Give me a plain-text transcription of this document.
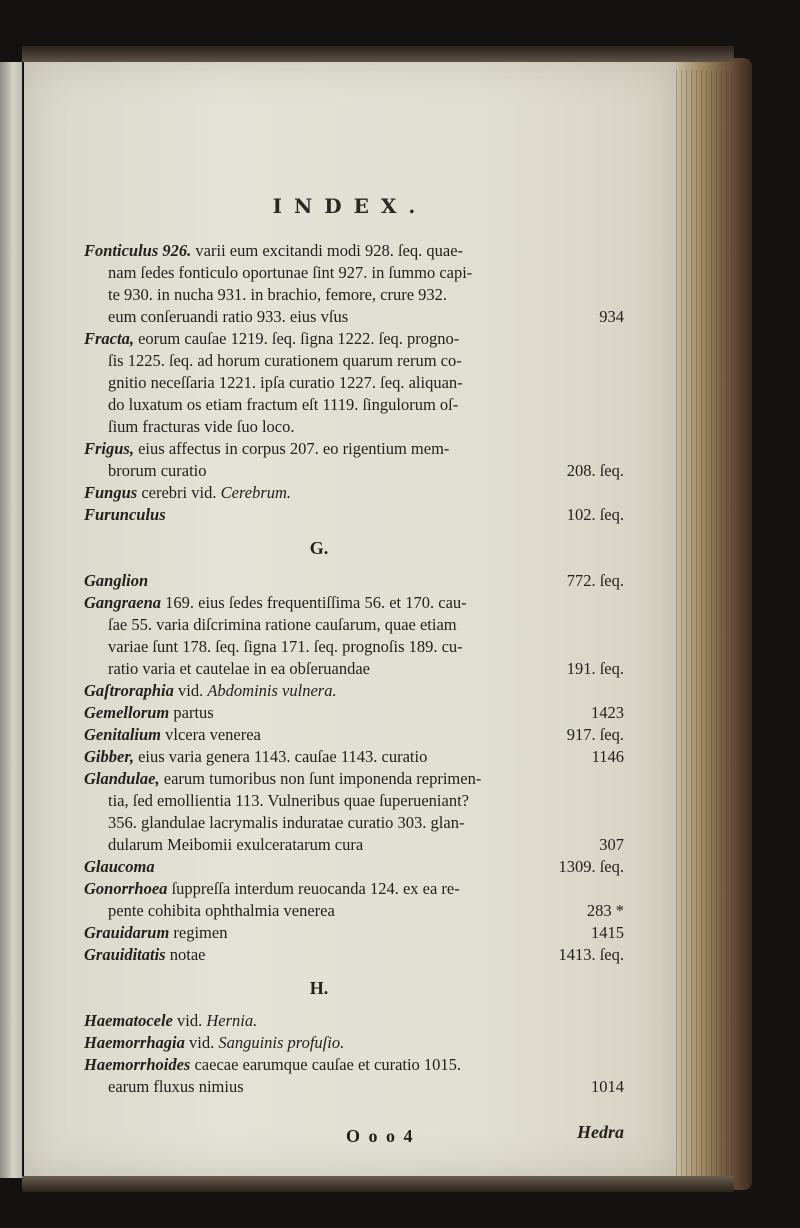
INDEX.
Fonticulus 926. varii eum excitandi modi 928. ſeq. quae-
nam ſedes fonticulo oportunae ſint 927. in ſummo capi-
te 930. in nucha 931. in brachio, femore, crure 932.
eum conſeruandi ratio 933. eius vſus	934
Fracta, eorum cauſae 1219. ſeq. ſigna 1222. ſeq. progno-
ſis 1225. ſeq. ad horum curationem quarum rerum co-
gnitio neceſſaria 1221. ipſa curatio 1227. ſeq. aliquan-
do luxatum os etiam fractum eſt 1119. ſingulorum oſ-
ſium fracturas vide ſuo loco.
Frigus, eius affectus in corpus 207. eo rigentium mem-
brorum curatio	208. ſeq.
Fungus cerebri vid. Cerebrum.
Furunculus	102. ſeq.
G.
Ganglion	772. ſeq.
Gangraena 169. eius ſedes frequentiſſima 56. et 170. cau-
ſae 55. varia diſcrimina ratione cauſarum, quae etiam
variae ſunt 178. ſeq. ſigna 171. ſeq. prognoſis 189. cu-
ratio varia et cautelae in ea obſeruandae	191. ſeq.
Gaſtroraphia vid. Abdominis vulnera.
Gemellorum partus	1423
Genitalium vlcera venerea	917. ſeq.
Gibber, eius varia genera 1143. cauſae 1143. curatio	1146
Glandulae, earum tumoribus non ſunt imponenda reprimen-
tia, ſed emollientia 113. Vulneribus quae ſuperueniant?
356. glandulae lacrymalis induratae curatio 303. glan-
dularum Meibomii exulceratarum cura	307
Glaucoma	1309. ſeq.
Gonorrhoea ſuppreſſa interdum reuocanda 124. ex ea re-
pente cohibita ophthalmia venerea	283 *
Grauidarum regimen	1415
Grauiditatis notae	1413. ſeq.
H.
Haematocele vid. Hernia.
Haemorrhagia vid. Sanguinis profuſio.
Haemorrhoides caecae earumque cauſae et curatio 1015.
earum fluxus nimius	1014
O o o 4	Hedra
